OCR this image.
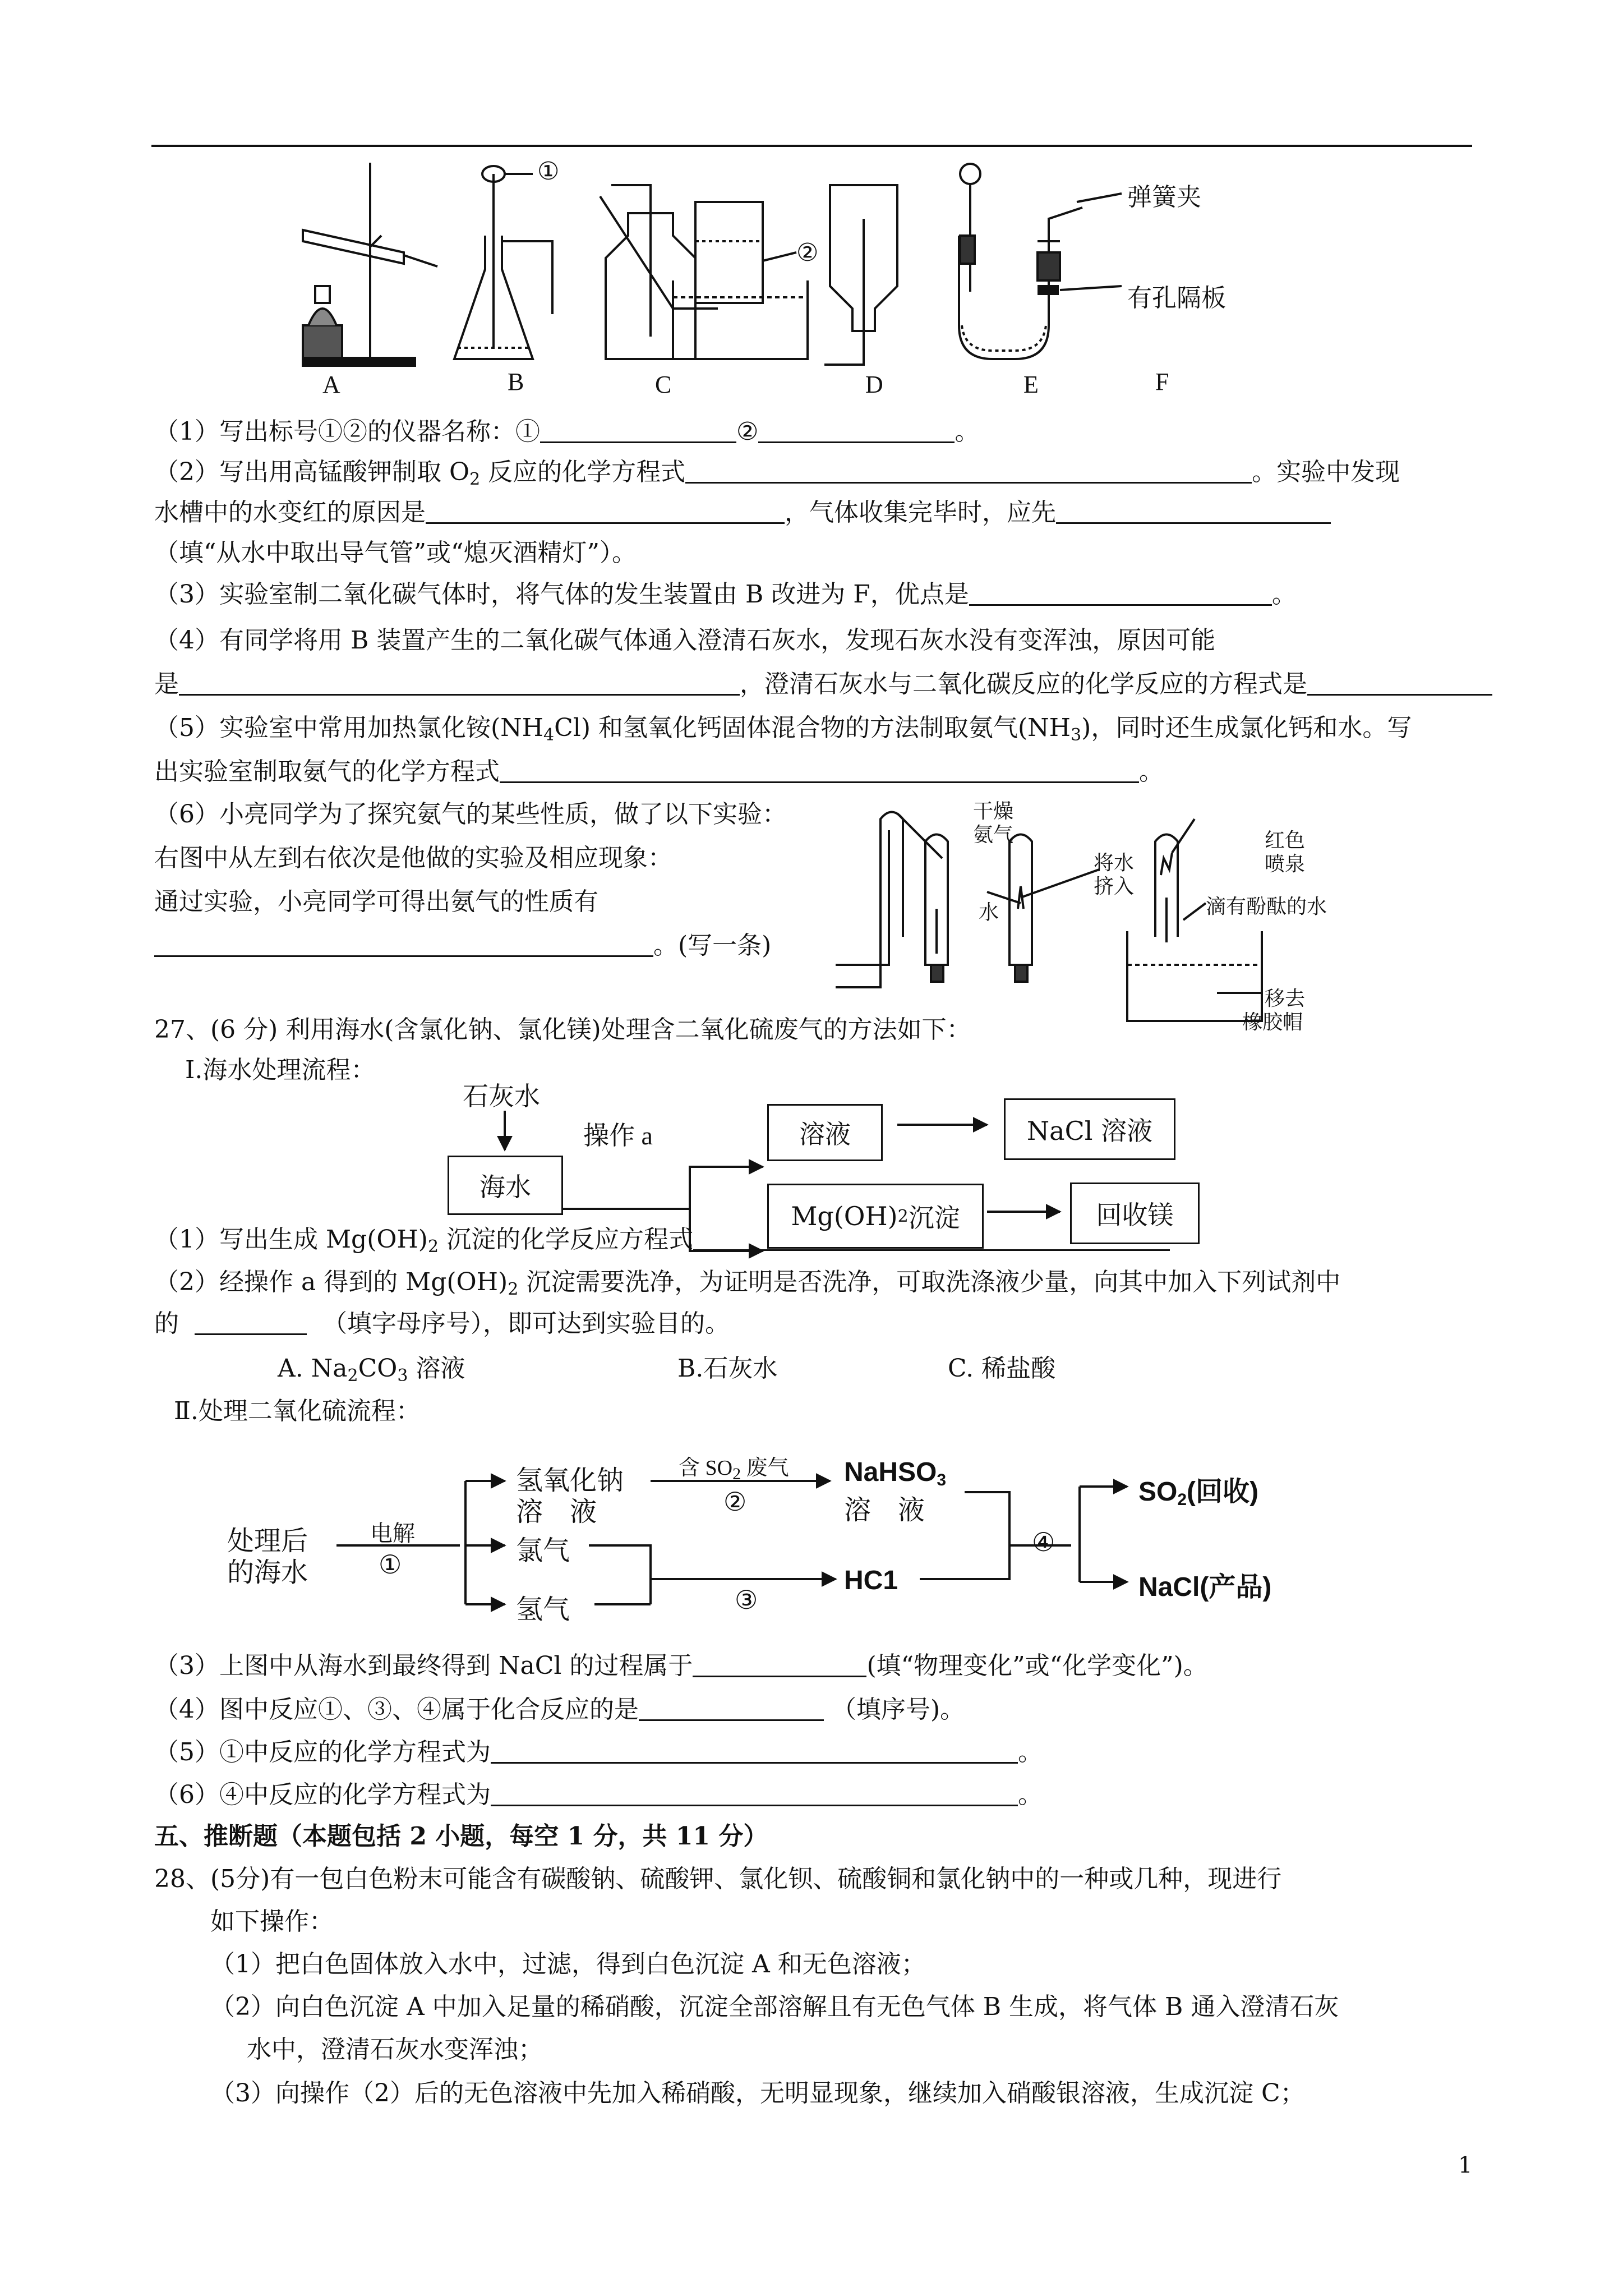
①
②
弹簧夹
有孔隔板
A	B	C	D	E	F
（1）写出标号①②的仪器名称：①	②	。
（2）写出用高锰酸钾制取 O2 反应的化学方程式	。实验中发现
水槽中的水变红的原因是	，气体收集完毕时，应先
（填“从水中取出导气管”或“熄灭酒精灯”）。
（3）实验室制二氧化碳气体时，将气体的发生装置由 B 改进为 F，优点是	。
（4）有同学将用 B 装置产生的二氧化碳气体通入澄清石灰水，发现石灰水没有变浑浊，原因可能
是	，澄清石灰水与二氧化碳反应的化学反应的方程式是
（5）实验室中常用加热氯化铵(NH4Cl) 和氢氧化钙固体混合物的方法制取氨气(NH3)，同时还生成氯化钙和水。写
出实验室制取氨气的化学方程式	。
（6）小亮同学为了探究氨气的某些性质，做了以下实验：
右图中从左到右依次是他做的实验及相应现象：
通过实验，小亮同学可得出氨气的性质有
。(写一条)
干燥
氨气
水
将水
挤入
红色
喷泉
滴有酚酞的水
移去
橡胶帽
27、(6 分) 利用海水(含氯化钠、氯化镁)处理含二氧化硫废气的方法如下：
Ⅰ.海水处理流程：
石灰水
操作 a
海水
溶液	NaCl 溶液
Mg(OH) 2 沉淀	回收镁
（1）写出生成 Mg(OH)2 沉淀的化学反应方程式
（2）经操作 a 得到的 Mg(OH)2 沉淀需要洗净，为证明是否洗净，可取洗涤液少量，向其中加入下列试剂中
的	（填字母序号），即可达到实验目的。
A. Na2CO3 溶液	B.石灰水	C. 稀盐酸
Ⅱ.处理二氧化硫流程：
处理后
的海水
电解
①
氢氧化钠
溶　液
含 $SO_2$ 废气
②
NaHSO3
溶　液
氯气
氢气	③
HC1
④
SO2(回收)
NaCl(产品)
（3）上图中从海水到最终得到 NaCl 的过程属于	(填“物理变化”或“化学变化”)。
（4）图中反应①、③、④属于化合反应的是	（填序号)。
（5）①中反应的化学方程式为	。
（6）④中反应的化学方程式为	。
五、推断题（本题包括 2 小题，每空 1 分，共 11 分）
28、(5分)有一包白色粉末可能含有碳酸钠、硫酸钾、氯化钡、硫酸铜和氯化钠中的一种或几种，现进行
如下操作：
（1）把白色固体放入水中，过滤，得到白色沉淀 A 和无色溶液；
（2）向白色沉淀 A 中加入足量的稀硝酸，沉淀全部溶解且有无色气体 B 生成，将气体 B 通入澄清石灰
水中，澄清石灰水变浑浊；
（3）向操作（2）后的无色溶液中先加入稀硝酸，无明显现象，继续加入硝酸银溶液，生成沉淀 C；
1
